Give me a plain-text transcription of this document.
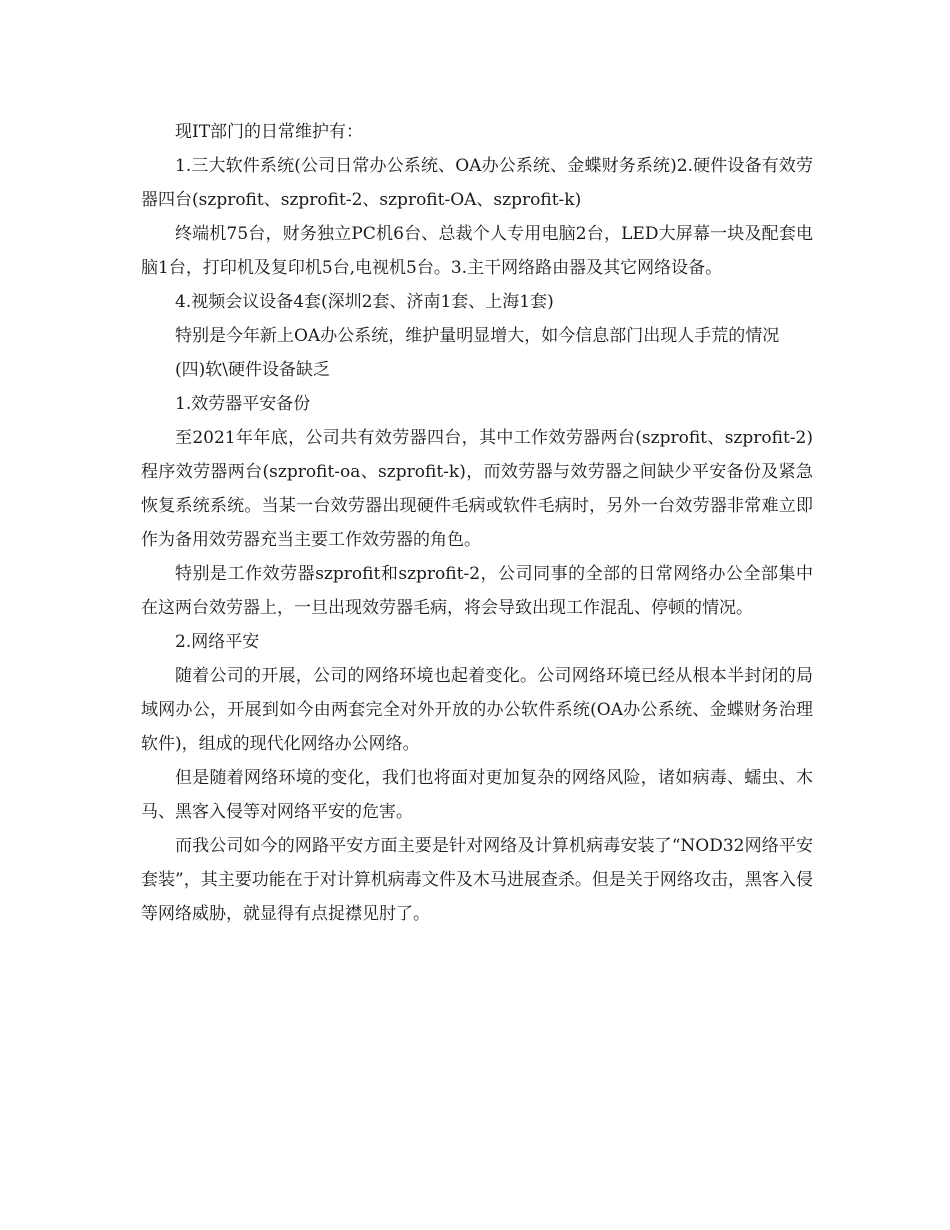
现IT部门的日常维护有：

1.三大软件系统(公司日常办公系统、OA办公系统、金蝶财务系统)2.硬件设备有效劳器四台(szprofit、szprofit-2、szprofit-OA、szprofit-k)

终端机75台，财务独立PC机6台、总裁个人专用电脑2台，LED大屏幕一块及配套电脑1台，打印机及复印机5台,电视机5台。3.主干网络路由器及其它网络设备。

4.视频会议设备4套(深圳2套、济南1套、上海1套)

特别是今年新上OA办公系统，维护量明显增大，如今信息部门出现人手荒的情况

(四)软\硬件设备缺乏

1.效劳器平安备份

至2021年年底，公司共有效劳器四台，其中工作效劳器两台(szprofit、szprofit-2)程序效劳器两台(szprofit-oa、szprofit-k)，而效劳器与效劳器之间缺少平安备份及紧急恢复系统系统。当某一台效劳器出现硬件毛病或软件毛病时，另外一台效劳器非常难立即作为备用效劳器充当主要工作效劳器的角色。

特别是工作效劳器szprofit和szprofit-2，公司同事的全部的日常网络办公全部集中在这两台效劳器上，一旦出现效劳器毛病，将会导致出现工作混乱、停顿的情况。

2.网络平安

随着公司的开展，公司的网络环境也起着变化。公司网络环境已经从根本半封闭的局域网办公，开展到如今由两套完全对外开放的办公软件系统(OA办公系统、金蝶财务治理软件)，组成的现代化网络办公网络。

但是随着网络环境的变化，我们也将面对更加复杂的网络风险，诸如病毒、蠕虫、木马、黑客入侵等对网络平安的危害。

而我公司如今的网路平安方面主要是针对网络及计算机病毒安装了“NOD32网络平安套装”，其主要功能在于对计算机病毒文件及木马进展查杀。但是关于网络攻击，黑客入侵等网络威胁，就显得有点捉襟见肘了。
